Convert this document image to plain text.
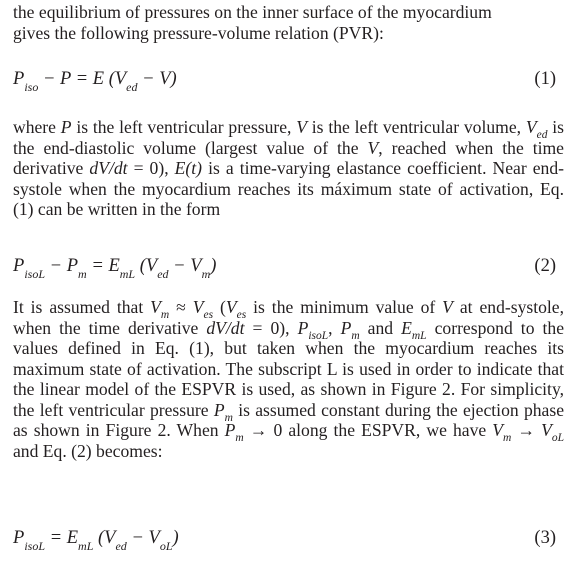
the equilibrium of pressures on the inner surface of the myocardium
gives the following pressure-volume relation (PVR):
$P_{iso} - P = E$ $(V_{ed} - V)$	(1)
where P is the left ventricular pressure, V is the left ventricular volume, $V_{ed}$ is the end-diastolic volume (largest value of the V, reached when the time derivative dV/dt = 0), E(t) is a time-varying elastance coefficient. Near end-systole when the myocardium reaches its máximum state of activation, Eq. (1) can be written in the form
$P_{isoL} - P_m = E_{mL}$ $(V_{ed} - V_m)$	(2)
It is assumed that $V_m \approx V_{es}$ ($V_{es}$ is the minimum value of V at end-systole, when the time derivative dV/dt = 0), $P_{isoL}$, $P_m$ and $E_{mL}$ correspond to the values defined in Eq. (1), but taken when the myocardium reaches its maximum state of activation. The subscript L is used in order to indicate that the linear model of the ESPVR is used, as shown in Figure 2. For simplicity, the left ventricular pressure $P_m$ is assumed constant during the ejection phase as shown in Figure 2. When $P_m \to 0$ along the ESPVR, we have $V_m \to V_{oL}$ and Eq. (2) becomes:
$P_{isoL} = E_{mL}$ $(V_{ed} - V_{oL})$	(3)
